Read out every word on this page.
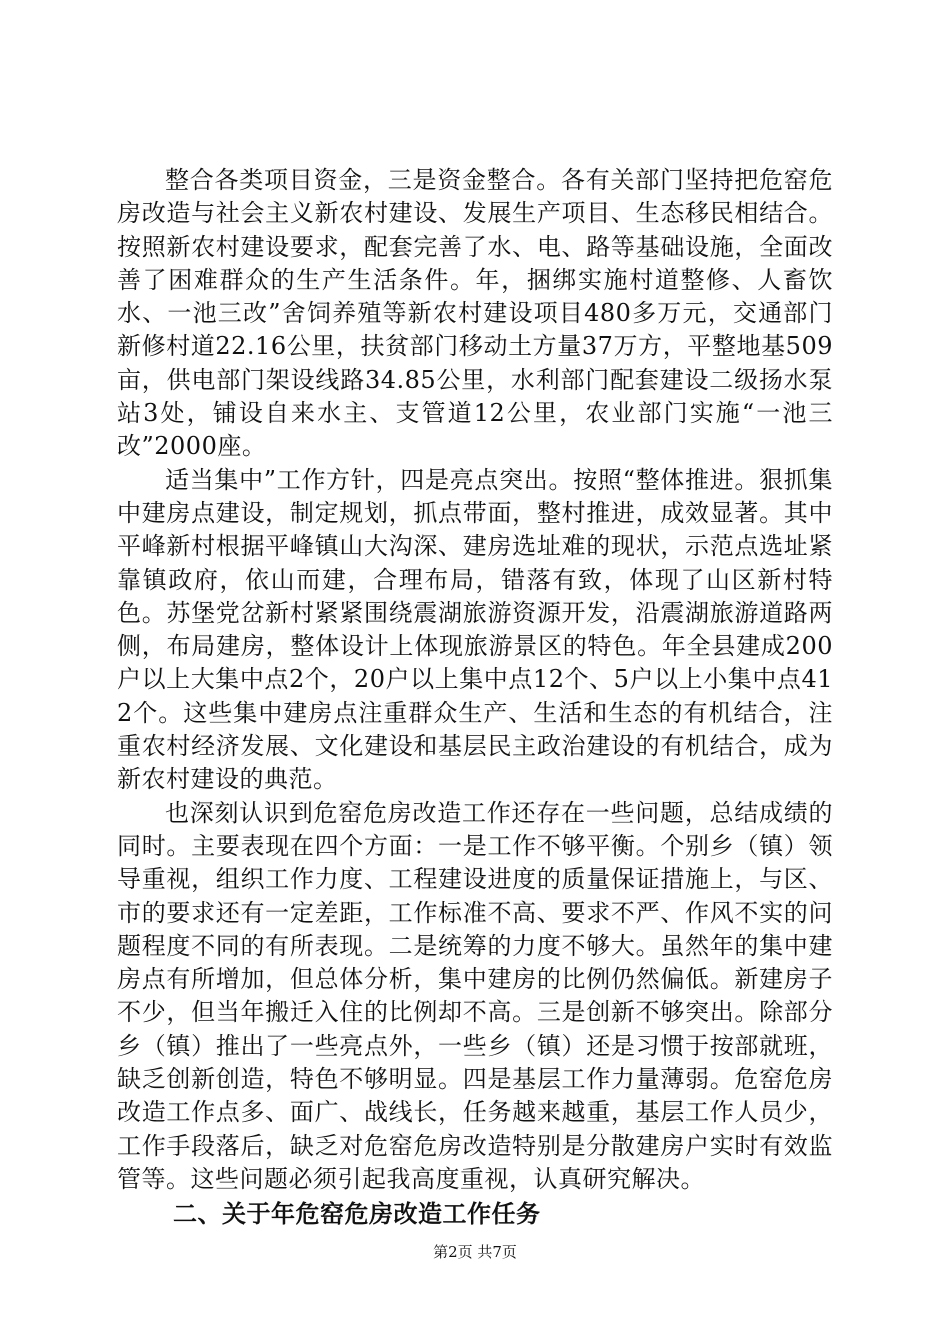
整合各类项目资金，三是资金整合。各有关部门坚持把危窑危房改造与社会主义新农村建设、发展生产项目、生态移民相结合。按照新农村建设要求，配套完善了水、电、路等基础设施，全面改善了困难群众的生产生活条件。年，捆绑实施村道整修、人畜饮水、一池三改”舍饲养殖等新农村建设项目480多万元，交通部门新修村道22.16公里，扶贫部门移动土方量37万方，平整地基509亩，供电部门架设线路34.85公里，水利部门配套建设二级扬水泵站3处，铺设自来水主、支管道12公里，农业部门实施“一池三改”2000座。

适当集中”工作方针，四是亮点突出。按照“整体推进。狠抓集中建房点建设，制定规划，抓点带面，整村推进，成效显著。其中平峰新村根据平峰镇山大沟深、建房选址难的现状，示范点选址紧靠镇政府，依山而建，合理布局，错落有致，体现了山区新村特色。苏堡党岔新村紧紧围绕震湖旅游资源开发，沿震湖旅游道路两侧，布局建房，整体设计上体现旅游景区的特色。年全县建成200户以上大集中点2个，20户以上集中点12个、5户以上小集中点412个。这些集中建房点注重群众生产、生活和生态的有机结合，注重农村经济发展、文化建设和基层民主政治建设的有机结合，成为新农村建设的典范。

也深刻认识到危窑危房改造工作还存在一些问题，总结成绩的同时。主要表现在四个方面：一是工作不够平衡。个别乡（镇）领导重视，组织工作力度、工程建设进度的质量保证措施上，与区、市的要求还有一定差距，工作标准不高、要求不严、作风不实的问题程度不同的有所表现。二是统筹的力度不够大。虽然年的集中建房点有所增加，但总体分析，集中建房的比例仍然偏低。新建房子不少，但当年搬迁入住的比例却不高。三是创新不够突出。除部分乡（镇）推出了一些亮点外，一些乡（镇）还是习惯于按部就班，缺乏创新创造，特色不够明显。四是基层工作力量薄弱。危窑危房改造工作点多、面广、战线长，任务越来越重，基层工作人员少，工作手段落后，缺乏对危窑危房改造特别是分散建房户实时有效监管等。这些问题必须引起我高度重视，认真研究解决。

二、关于年危窑危房改造工作任务

第2页 共7页
